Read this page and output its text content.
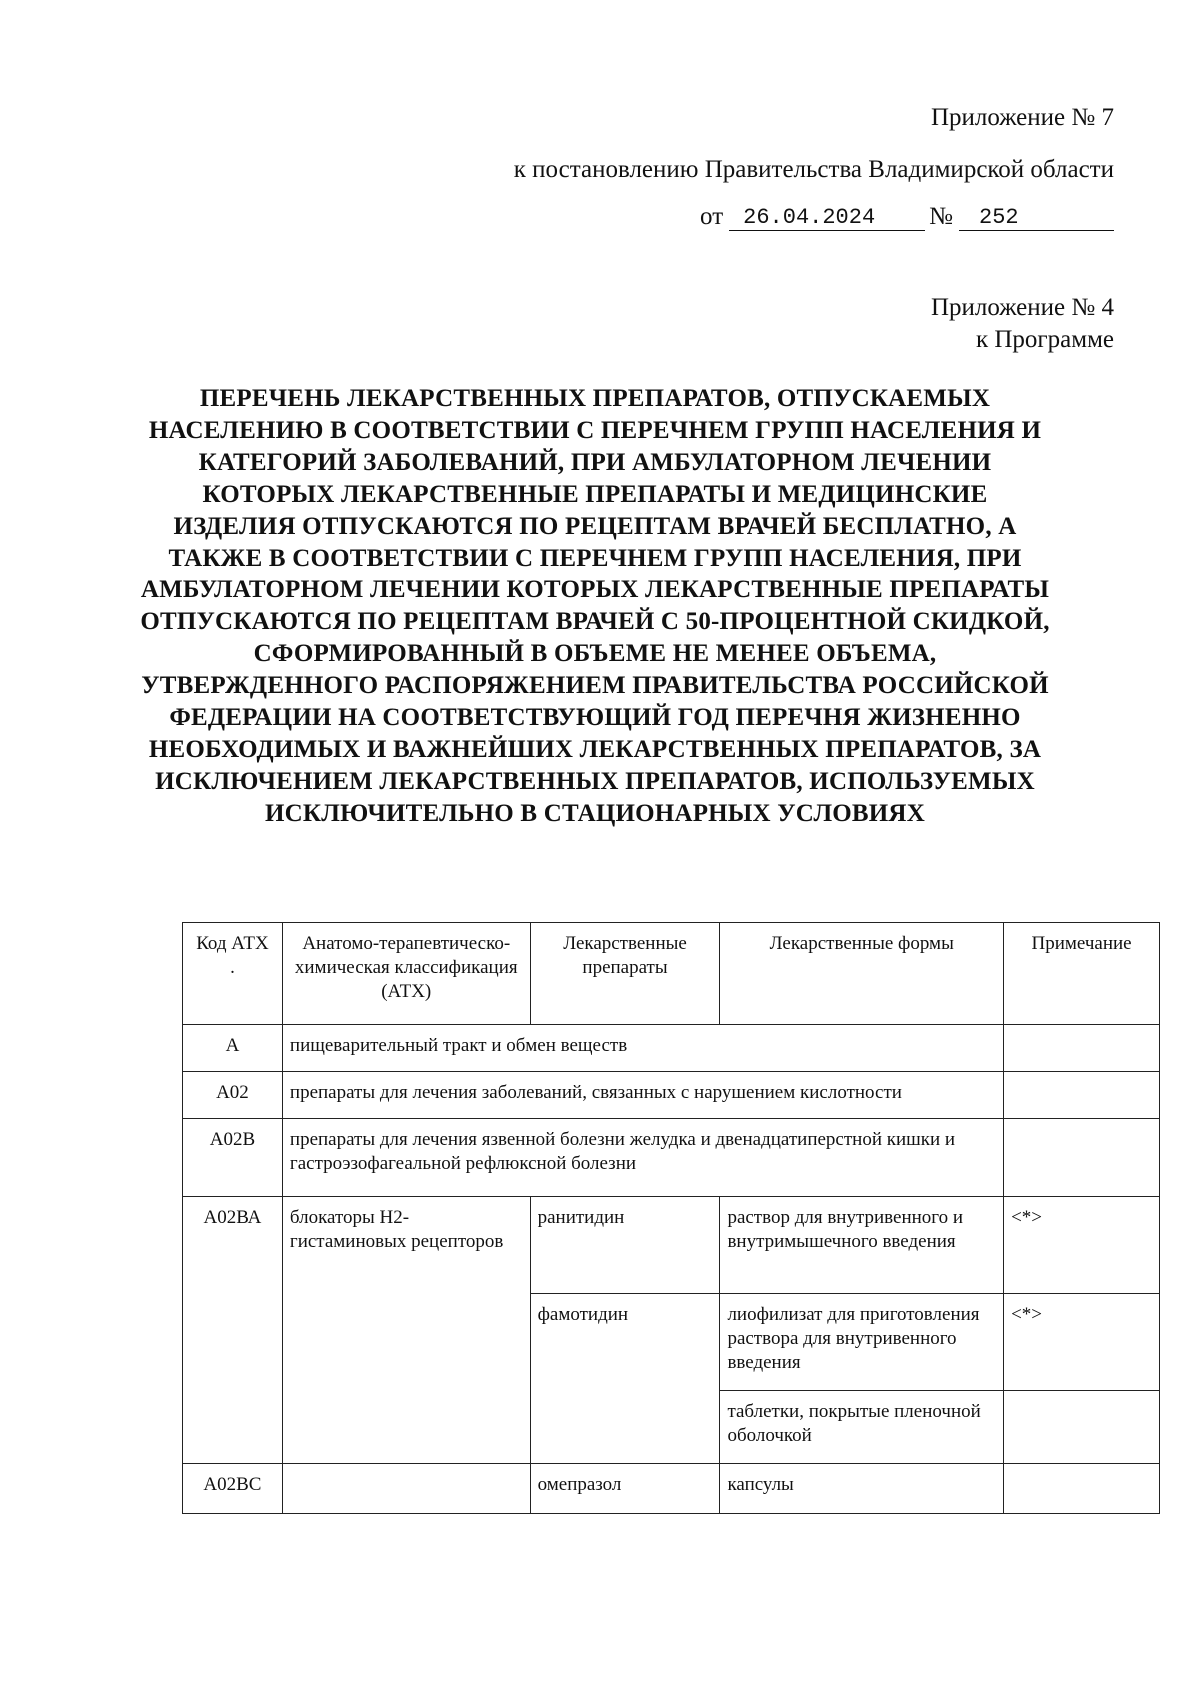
Приложение № 7
к постановлению Правительства Владимирской области
от 26.04.2024	№	252
Приложение № 4
к Программе
ПЕРЕЧЕНЬ ЛЕКАРСТВЕННЫХ ПРЕПАРАТОВ, ОТПУСКАЕМЫХ НАСЕЛЕНИЮ В СООТВЕТСТВИИ С ПЕРЕЧНЕМ ГРУПП НАСЕЛЕНИЯ И КАТЕГОРИЙ ЗАБОЛЕВАНИЙ, ПРИ АМБУЛАТОРНОМ ЛЕЧЕНИИ КОТОРЫХ ЛЕКАРСТВЕННЫЕ ПРЕПАРАТЫ И МЕДИЦИНСКИЕ ИЗДЕЛИЯ ОТПУСКАЮТСЯ ПО РЕЦЕПТАМ ВРАЧЕЙ БЕСПЛАТНО, А ТАКЖЕ В СООТВЕТСТВИИ С ПЕРЕЧНЕМ ГРУПП НАСЕЛЕНИЯ, ПРИ АМБУЛАТОРНОМ ЛЕЧЕНИИ КОТОРЫХ ЛЕКАРСТВЕННЫЕ ПРЕПАРАТЫ ОТПУСКАЮТСЯ ПО РЕЦЕПТАМ ВРАЧЕЙ С 50-ПРОЦЕНТНОЙ СКИДКОЙ, СФОРМИРОВАННЫЙ В ОБЪЕМЕ НЕ МЕНЕЕ ОБЪЕМА, УТВЕРЖДЕННОГО РАСПОРЯЖЕНИЕМ ПРАВИТЕЛЬСТВА РОССИЙСКОЙ ФЕДЕРАЦИИ НА СООТВЕТСТВУЮЩИЙ ГОД ПЕРЕЧНЯ ЖИЗНЕННО НЕОБХОДИМЫХ И ВАЖНЕЙШИХ ЛЕКАРСТВЕННЫХ ПРЕПАРАТОВ, ЗА ИСКЛЮЧЕНИЕМ ЛЕКАРСТВЕННЫХ ПРЕПАРАТОВ, ИСПОЛЬЗУЕМЫХ ИСКЛЮЧИТЕЛЬНО В СТАЦИОНАРНЫХ УСЛОВИЯХ
Код АТХ
.	Анатомо-терапевтическо-химическая классификация (АТХ)	Лекарственные препараты	Лекарственные формы	Примечание
А	пищеварительный тракт и обмен веществ			
А02	препараты для лечения заболеваний, связанных с нарушением кислотности			
А02В	препараты для лечения язвенной болезни желудка и двенадцатиперстной кишки и гастроэзофагеальной рефлюксной болезни			
А02ВА	блокаторы Н2-гистаминовых рецепторов	ранитидин	раствор для внутривенного и внутримышечного введения	<*>
		фамотидин	лиофилизат для приготовления раствора для внутривенного введения	<*>
			таблетки, покрытые пленочной оболочкой	
А02ВС		омепразол	капсулы	
